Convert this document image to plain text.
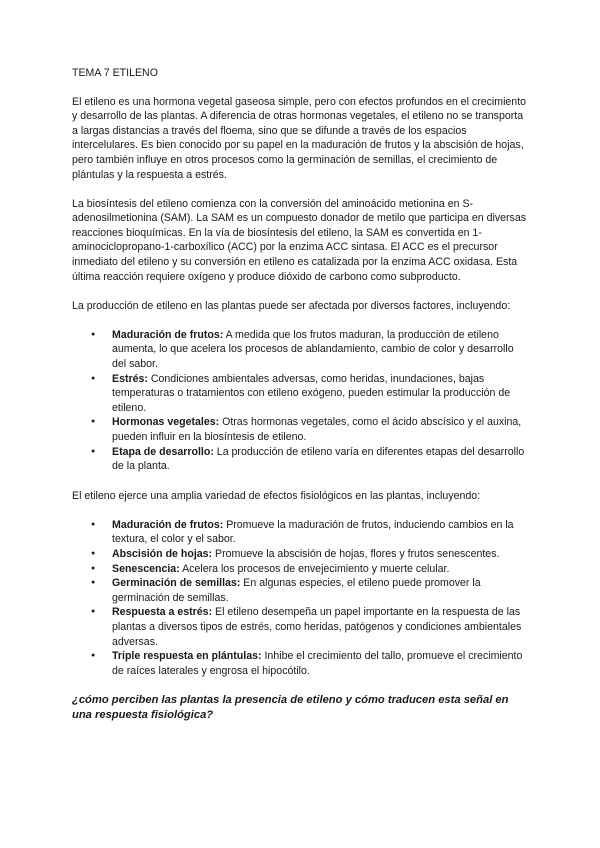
TEMA 7 ETILENO

El etileno es una hormona vegetal gaseosa simple, pero con efectos profundos en el crecimiento y desarrollo de las plantas. A diferencia de otras hormonas vegetales, el etileno no se transporta a largas distancias a través del floema, sino que se difunde a través de los espacios intercelulares. Es bien conocido por su papel en la maduración de frutos y la abscisión de hojas, pero también influye en otros procesos como la germinación de semillas, el crecimiento de plántulas y la respuesta a estrés.

La biosíntesis del etileno comienza con la conversión del aminoácido metionina en S-adenosilmetionina (SAM). La SAM es un compuesto donador de metilo que participa en diversas reacciones bioquímicas. En la vía de biosíntesis del etileno, la SAM es convertida en 1-aminociclopropano-1-carboxílico (ACC) por la enzima ACC sintasa. El ACC es el precursor inmediato del etileno y su conversión en etileno es catalizada por la enzima ACC oxidasa. Esta última reacción requiere oxígeno y produce dióxido de carbono como subproducto.

La producción de etileno en las plantas puede ser afectada por diversos factores, incluyendo:

● Maduración de frutos: A medida que los frutos maduran, la producción de etileno aumenta, lo que acelera los procesos de ablandamiento, cambio de color y desarrollo del sabor.
● Estrés: Condiciones ambientales adversas, como heridas, inundaciones, bajas temperaturas o tratamientos con etileno exógeno, pueden estimular la producción de etileno.
● Hormonas vegetales: Otras hormonas vegetales, como el ácido abscísico y el auxina, pueden influir en la biosíntesis de etileno.
● Etapa de desarrollo: La producción de etileno varía en diferentes etapas del desarrollo de la planta.

El etileno ejerce una amplia variedad de efectos fisiológicos en las plantas, incluyendo:

● Maduración de frutos: Promueve la maduración de frutos, induciendo cambios en la textura, el color y el sabor.
● Abscisión de hojas: Promueve la abscisión de hojas, flores y frutos senescentes.
● Senescencia: Acelera los procesos de envejecimiento y muerte celular.
● Germinación de semillas: En algunas especies, el etileno puede promover la germinación de semillas.
● Respuesta a estrés: El etileno desempeña un papel importante en la respuesta de las plantas a diversos tipos de estrés, como heridas, patógenos y condiciones ambientales adversas.
● Triple respuesta en plántulas: Inhibe el crecimiento del tallo, promueve el crecimiento de raíces laterales y engrosa el hipocótilo.
¿cómo perciben las plantas la presencia de etileno y cómo traducen esta señal en una respuesta fisiológica?
